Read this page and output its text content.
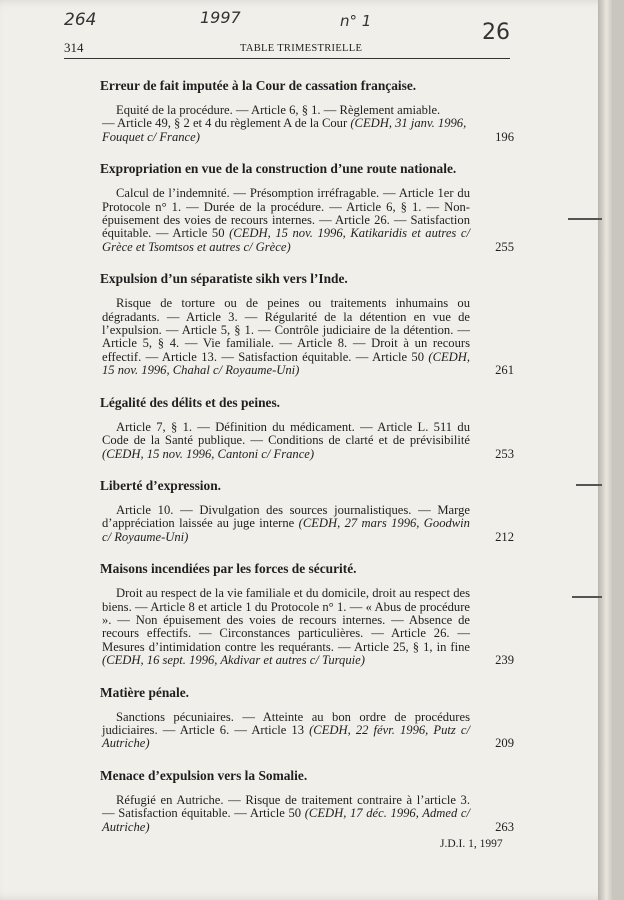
264	1997	n° 1	26
314	TABLE TRIMESTRIELLE
Erreur de fait imputée à la Cour de cassation française.

Equité de la procédure. — Article 6, § 1. — Règlement amiable.

— Article 49, § 2 et 4 du règlement A de la Cour (CEDH, 31 janv. 1996, Fouquet c/ France)	196
Expropriation en vue de la construction d’une route nationale.
Calcul de l’indemnité. — Présomption irréfragable. — Article 1er du Protocole n° 1. — Durée de la procédure. — Article 6, § 1. — Non-épuisement des voies de recours internes. — Article 26. — Satisfaction équitable. — Article 50 (CEDH, 15 nov. 1996, Katikaridis et autres c/ Grèce et Tsomtsos et autres c/ Grèce)	255
Expulsion d’un séparatiste sikh vers l’Inde.
Risque de torture ou de peines ou traitements inhumains ou dégradants. — Article 3. — Régularité de la détention en vue de l’expulsion. — Article 5, § 1. — Contrôle judiciaire de la détention. — Article 5, § 4. — Vie familiale. — Article 8. — Droit à un recours effectif. — Article 13. — Satisfaction équitable. — Article 50 (CEDH, 15 nov. 1996, Chahal c/ Royaume-Uni)	261
Légalité des délits et des peines.
Article 7, § 1. — Définition du médicament. — Article L. 511 du Code de la Santé publique. — Conditions de clarté et de prévisibilité (CEDH, 15 nov. 1996, Cantoni c/ France)	253
Liberté d’expression.
Article 10. — Divulgation des sources journalistiques. — Marge d’appréciation laissée au juge interne (CEDH, 27 mars 1996, Goodwin c/ Royaume-Uni)	212
Maisons incendiées par les forces de sécurité.
Droit au respect de la vie familiale et du domicile, droit au respect des biens. — Article 8 et article 1 du Protocole n° 1. — « Abus de procédure ». — Non épuisement des voies de recours internes. — Absence de recours effectifs. — Circonstances particulières. — Article 26. — Mesures d’intimidation contre les requérants. — Article 25, § 1, in fine (CEDH, 16 sept. 1996, Akdivar et autres c/ Turquie)	239
Matière pénale.
Sanctions pécuniaires. — Atteinte au bon ordre de procédures judiciaires. — Article 6. — Article 13 (CEDH, 22 févr. 1996, Putz c/ Autriche)	209
Menace d’expulsion vers la Somalie.
Réfugié en Autriche. — Risque de traitement contraire à l’article 3. — Satisfaction équitable. — Article 50 (CEDH, 17 déc. 1996, Admed c/ Autriche)	263
J.D.I. 1, 1997
